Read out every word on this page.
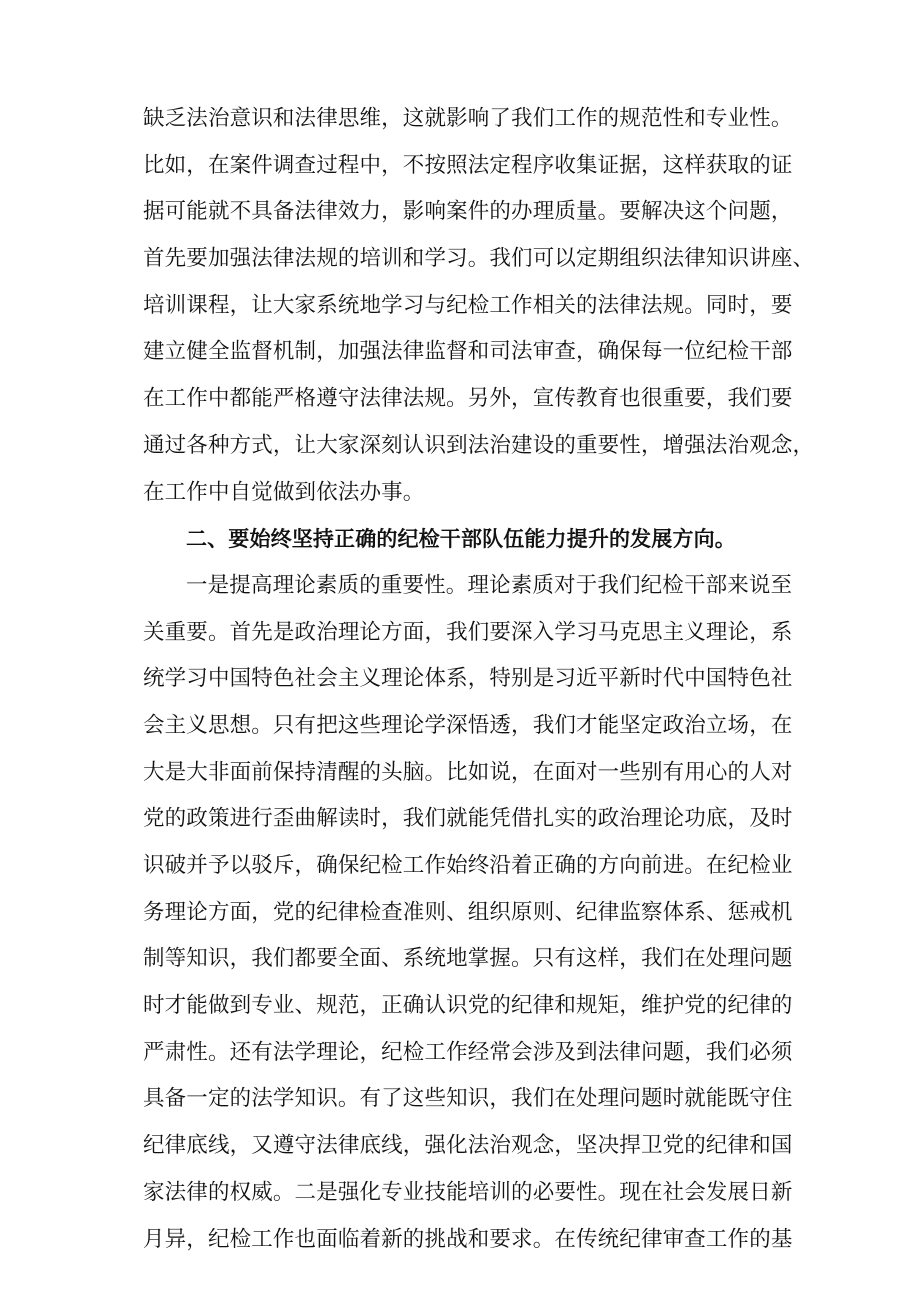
缺乏法治意识和法律思维，这就影响了我们工作的规范性和专业性。
比如，在案件调查过程中，不按照法定程序收集证据，这样获取的证
据可能就不具备法律效力，影响案件的办理质量。要解决这个问题，
首先要加强法律法规的培训和学习。我们可以定期组织法律知识讲座、
培训课程，让大家系统地学习与纪检工作相关的法律法规。同时，要
建立健全监督机制，加强法律监督和司法审查，确保每一位纪检干部
在工作中都能严格遵守法律法规。另外，宣传教育也很重要，我们要
通过各种方式，让大家深刻认识到法治建设的重要性，增强法治观念，
在工作中自觉做到依法办事。
二、要始终坚持正确的纪检干部队伍能力提升的发展方向。
一是提高理论素质的重要性。理论素质对于我们纪检干部来说至
关重要。首先是政治理论方面，我们要深入学习马克思主义理论，系
统学习中国特色社会主义理论体系，特别是习近平新时代中国特色社
会主义思想。只有把这些理论学深悟透，我们才能坚定政治立场，在
大是大非面前保持清醒的头脑。比如说，在面对一些别有用心的人对
党的政策进行歪曲解读时，我们就能凭借扎实的政治理论功底，及时
识破并予以驳斥，确保纪检工作始终沿着正确的方向前进。在纪检业
务理论方面，党的纪律检查准则、组织原则、纪律监察体系、惩戒机
制等知识，我们都要全面、系统地掌握。只有这样，我们在处理问题
时才能做到专业、规范，正确认识党的纪律和规矩，维护党的纪律的
严肃性。还有法学理论，纪检工作经常会涉及到法律问题，我们必须
具备一定的法学知识。有了这些知识，我们在处理问题时就能既守住
纪律底线，又遵守法律底线，强化法治观念，坚决捍卫党的纪律和国
家法律的权威。二是强化专业技能培训的必要性。现在社会发展日新
月异，纪检工作也面临着新的挑战和要求。在传统纪律审查工作的基
